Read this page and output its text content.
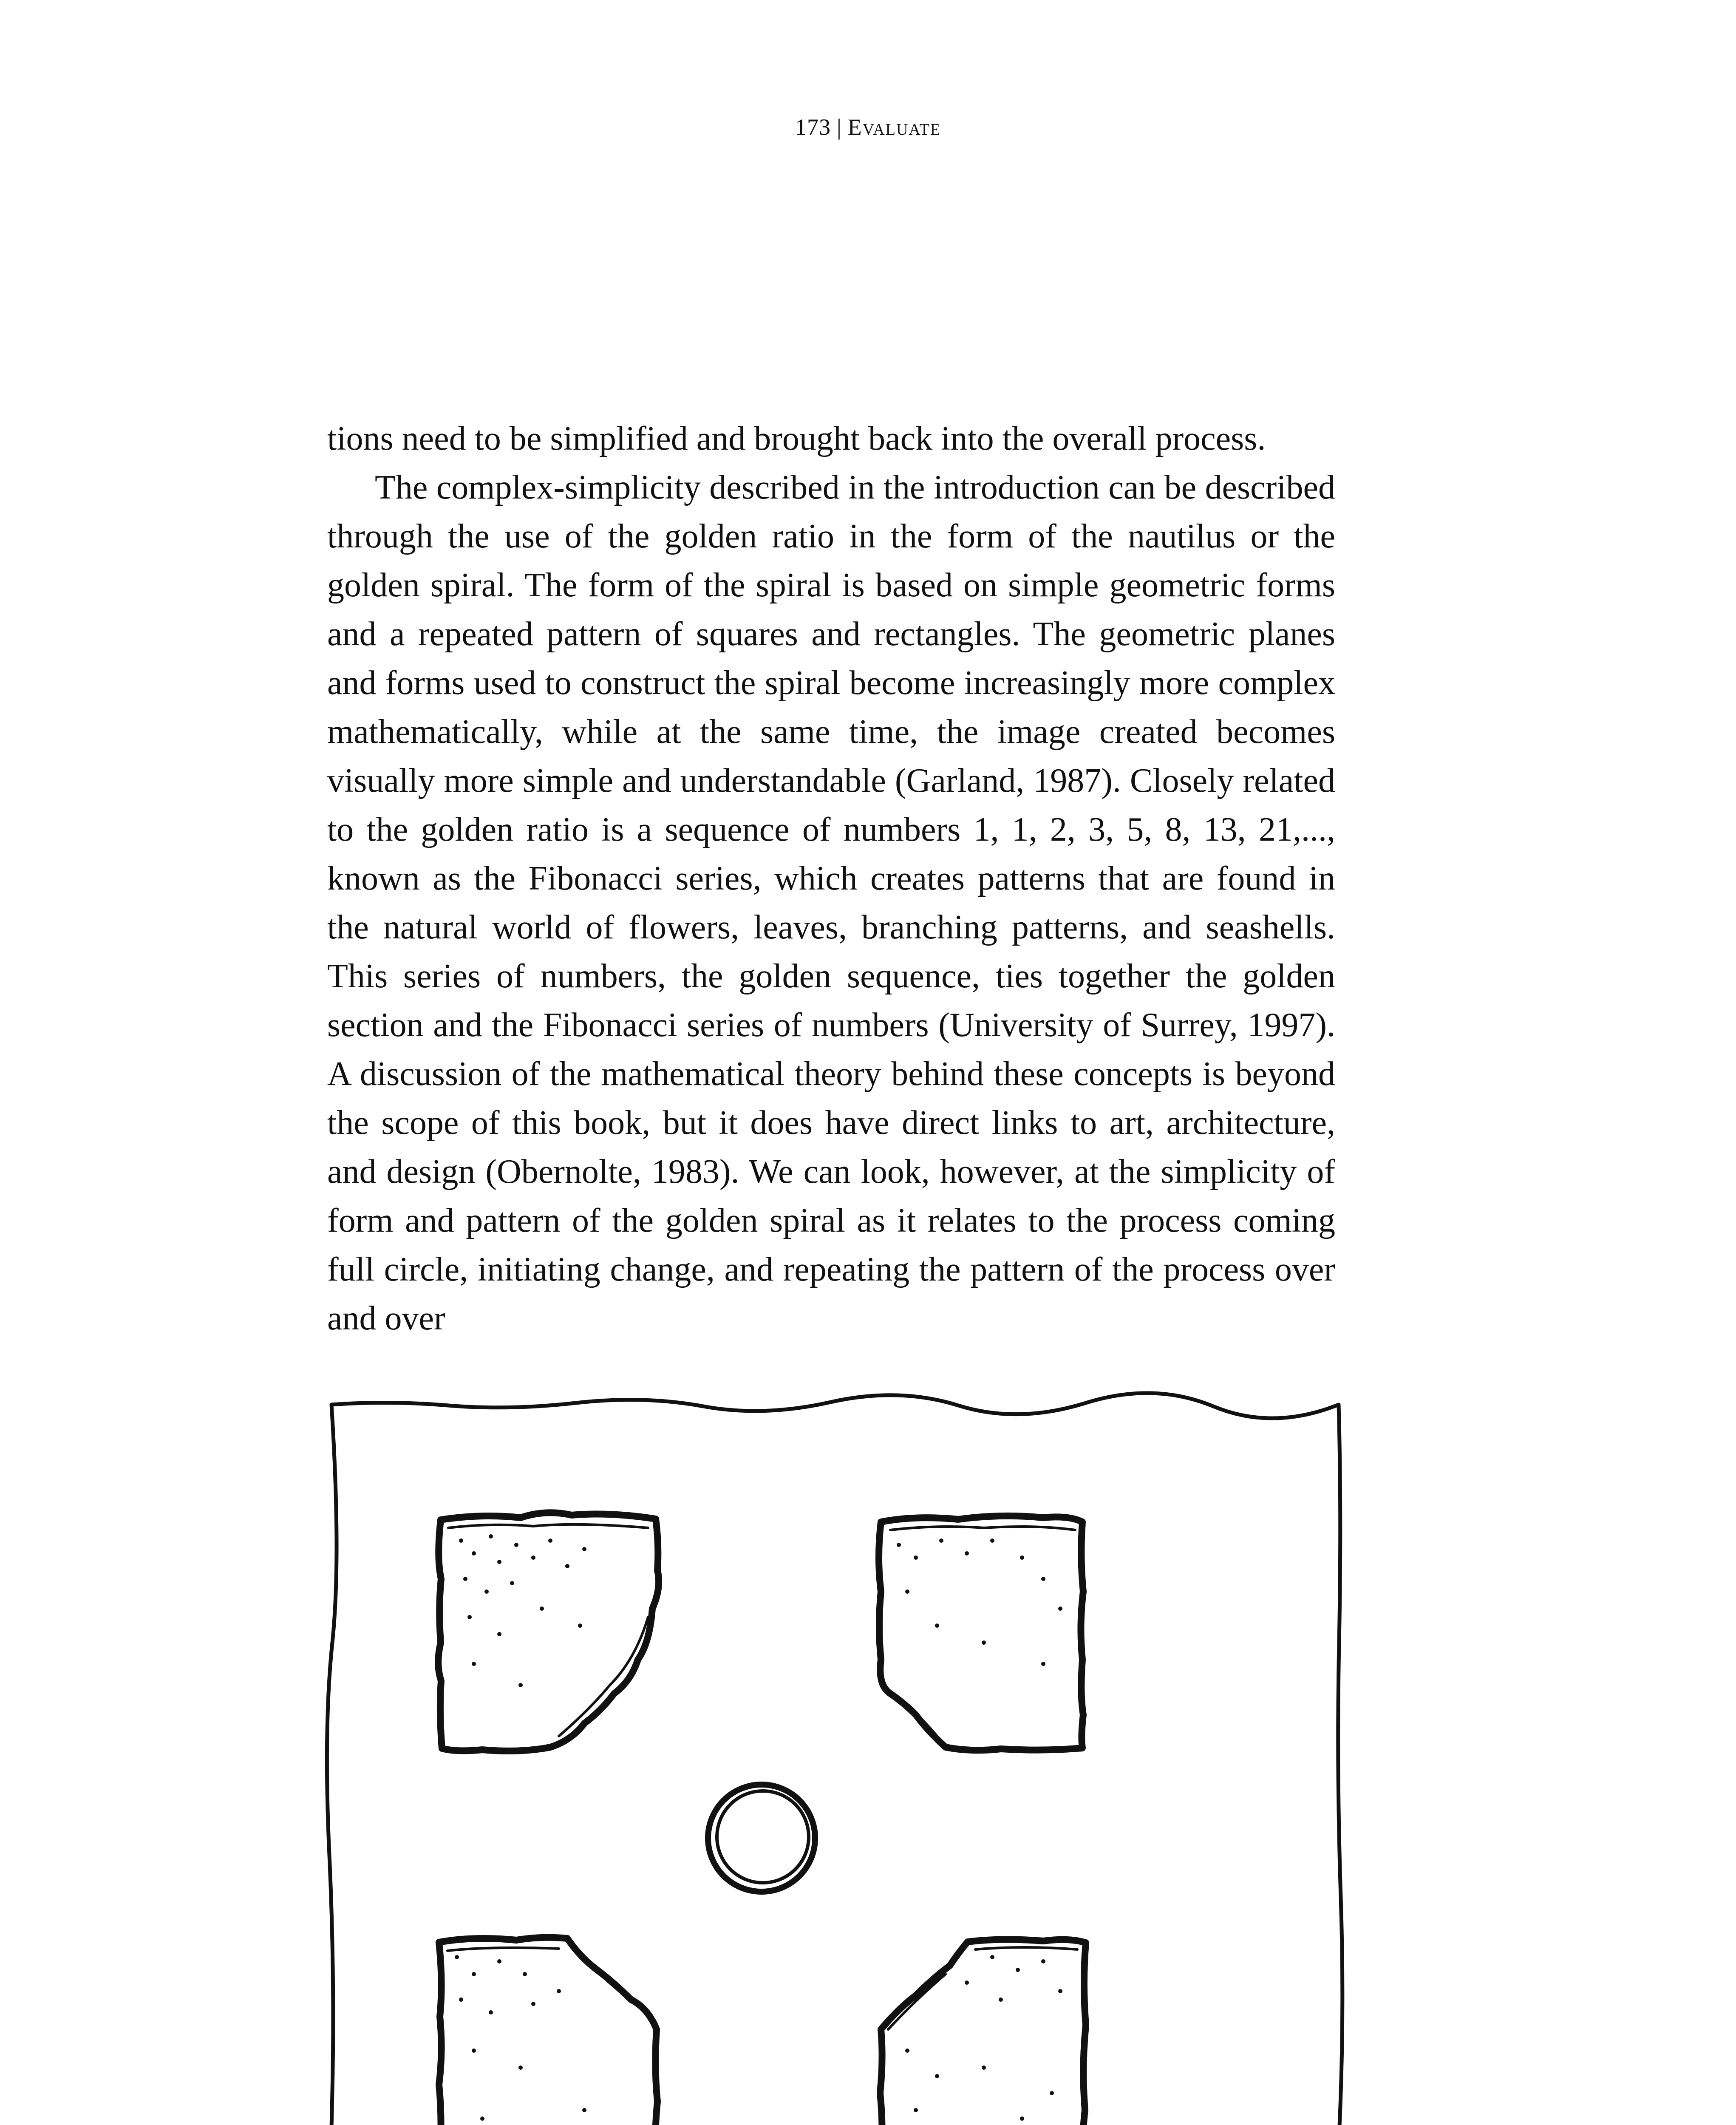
173 | Evaluate

tions need to be simplified and brought back into the overall process.

The complex-simplicity described in the introduction can be described through the use of the golden ratio in the form of the nautilus or the golden spiral. The form of the spiral is based on simple geometric forms and a repeated pattern of squares and rectangles. The geometric planes and forms used to construct the spiral become increasingly more complex mathematically, while at the same time, the image created becomes visually more simple and understandable (Garland, 1987). Closely related to the golden ratio is a sequence of numbers 1, 1, 2, 3, 5, 8, 13, 21,..., known as the Fibonacci series, which creates patterns that are found in the natural world of flowers, leaves, branching patterns, and seashells. This series of numbers, the golden sequence, ties together the golden section and the Fibonacci series of numbers (University of Surrey, 1997). A discussion of the mathematical theory behind these concepts is beyond the scope of this book, but it does have direct links to art, architecture, and design (Obernolte, 1983). We can look, however, at the simplicity of form and pattern of the golden spiral as it relates to the process coming full circle, initiating change, and repeating the pattern of the process over and over
